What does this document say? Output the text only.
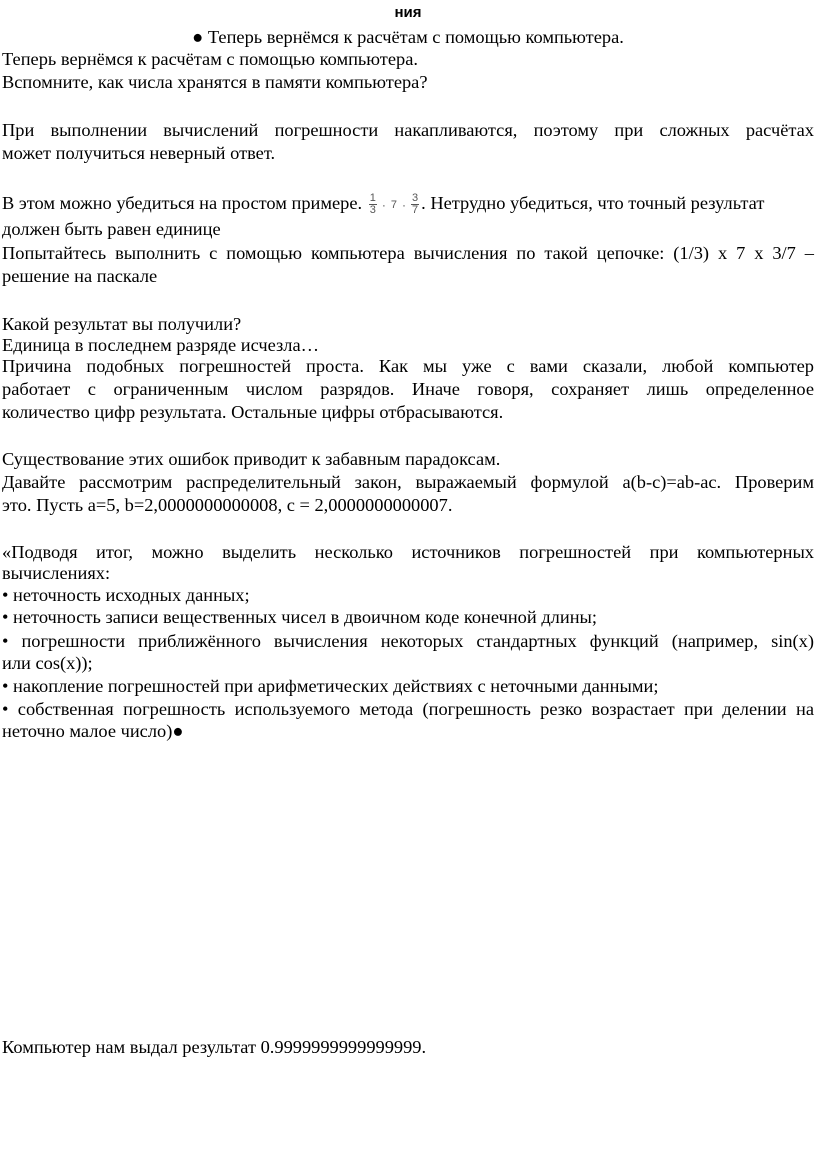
ния
● Теперь вернёмся к расчётам с помощью компьютера.
Теперь вернёмся к расчётам с помощью компьютера.
Вспомните, как числа хранятся в памяти компьютера?
При выполнении вычислений погрешности накапливаются, поэтому при сложных расчётах
может получиться неверный ответ.
В этом можно убедиться на простом примере. 1
3 · 7 · 3
7 . Нетрудно убедиться, что точный результат
должен быть равен единице
Попытайтесь выполнить с помощью компьютера вычисления по такой цепочке: (1/3) x 7 x 3/7 –
решение на паскале
Какой результат вы получили?
Единица в последнем разряде исчезла…
Причина подобных погрешностей проста. Как мы уже с вами сказали, любой компьютер
работает с ограниченным числом разрядов. Иначе говоря, сохраняет лишь определенное
количество цифр результата. Остальные цифры отбрасываются.
Существование этих ошибок приводит к забавным парадоксам.
Давайте рассмотрим распределительный закон, выражаемый формулой a(b-c)=ab-ac. Проверим
это. Пусть a=5, b=2,0000000000008, c = 2,0000000000007.
«Подводя итог, можно выделить несколько источников погрешностей при компьютерных
вычислениях:
• неточность исходных данных;
• неточность записи вещественных чисел в двоичном коде конечной длины;
• погрешности приближённого вычисления некоторых стандартных функций (например, sin(x)
или cos(x));
• накопление погрешностей при арифметических действиях с неточными данными;
• собственная погрешность используемого метода (погрешность резко возрастает при делении на
неточно малое число)●
Компьютер нам выдал результат 0.9999999999999999.
